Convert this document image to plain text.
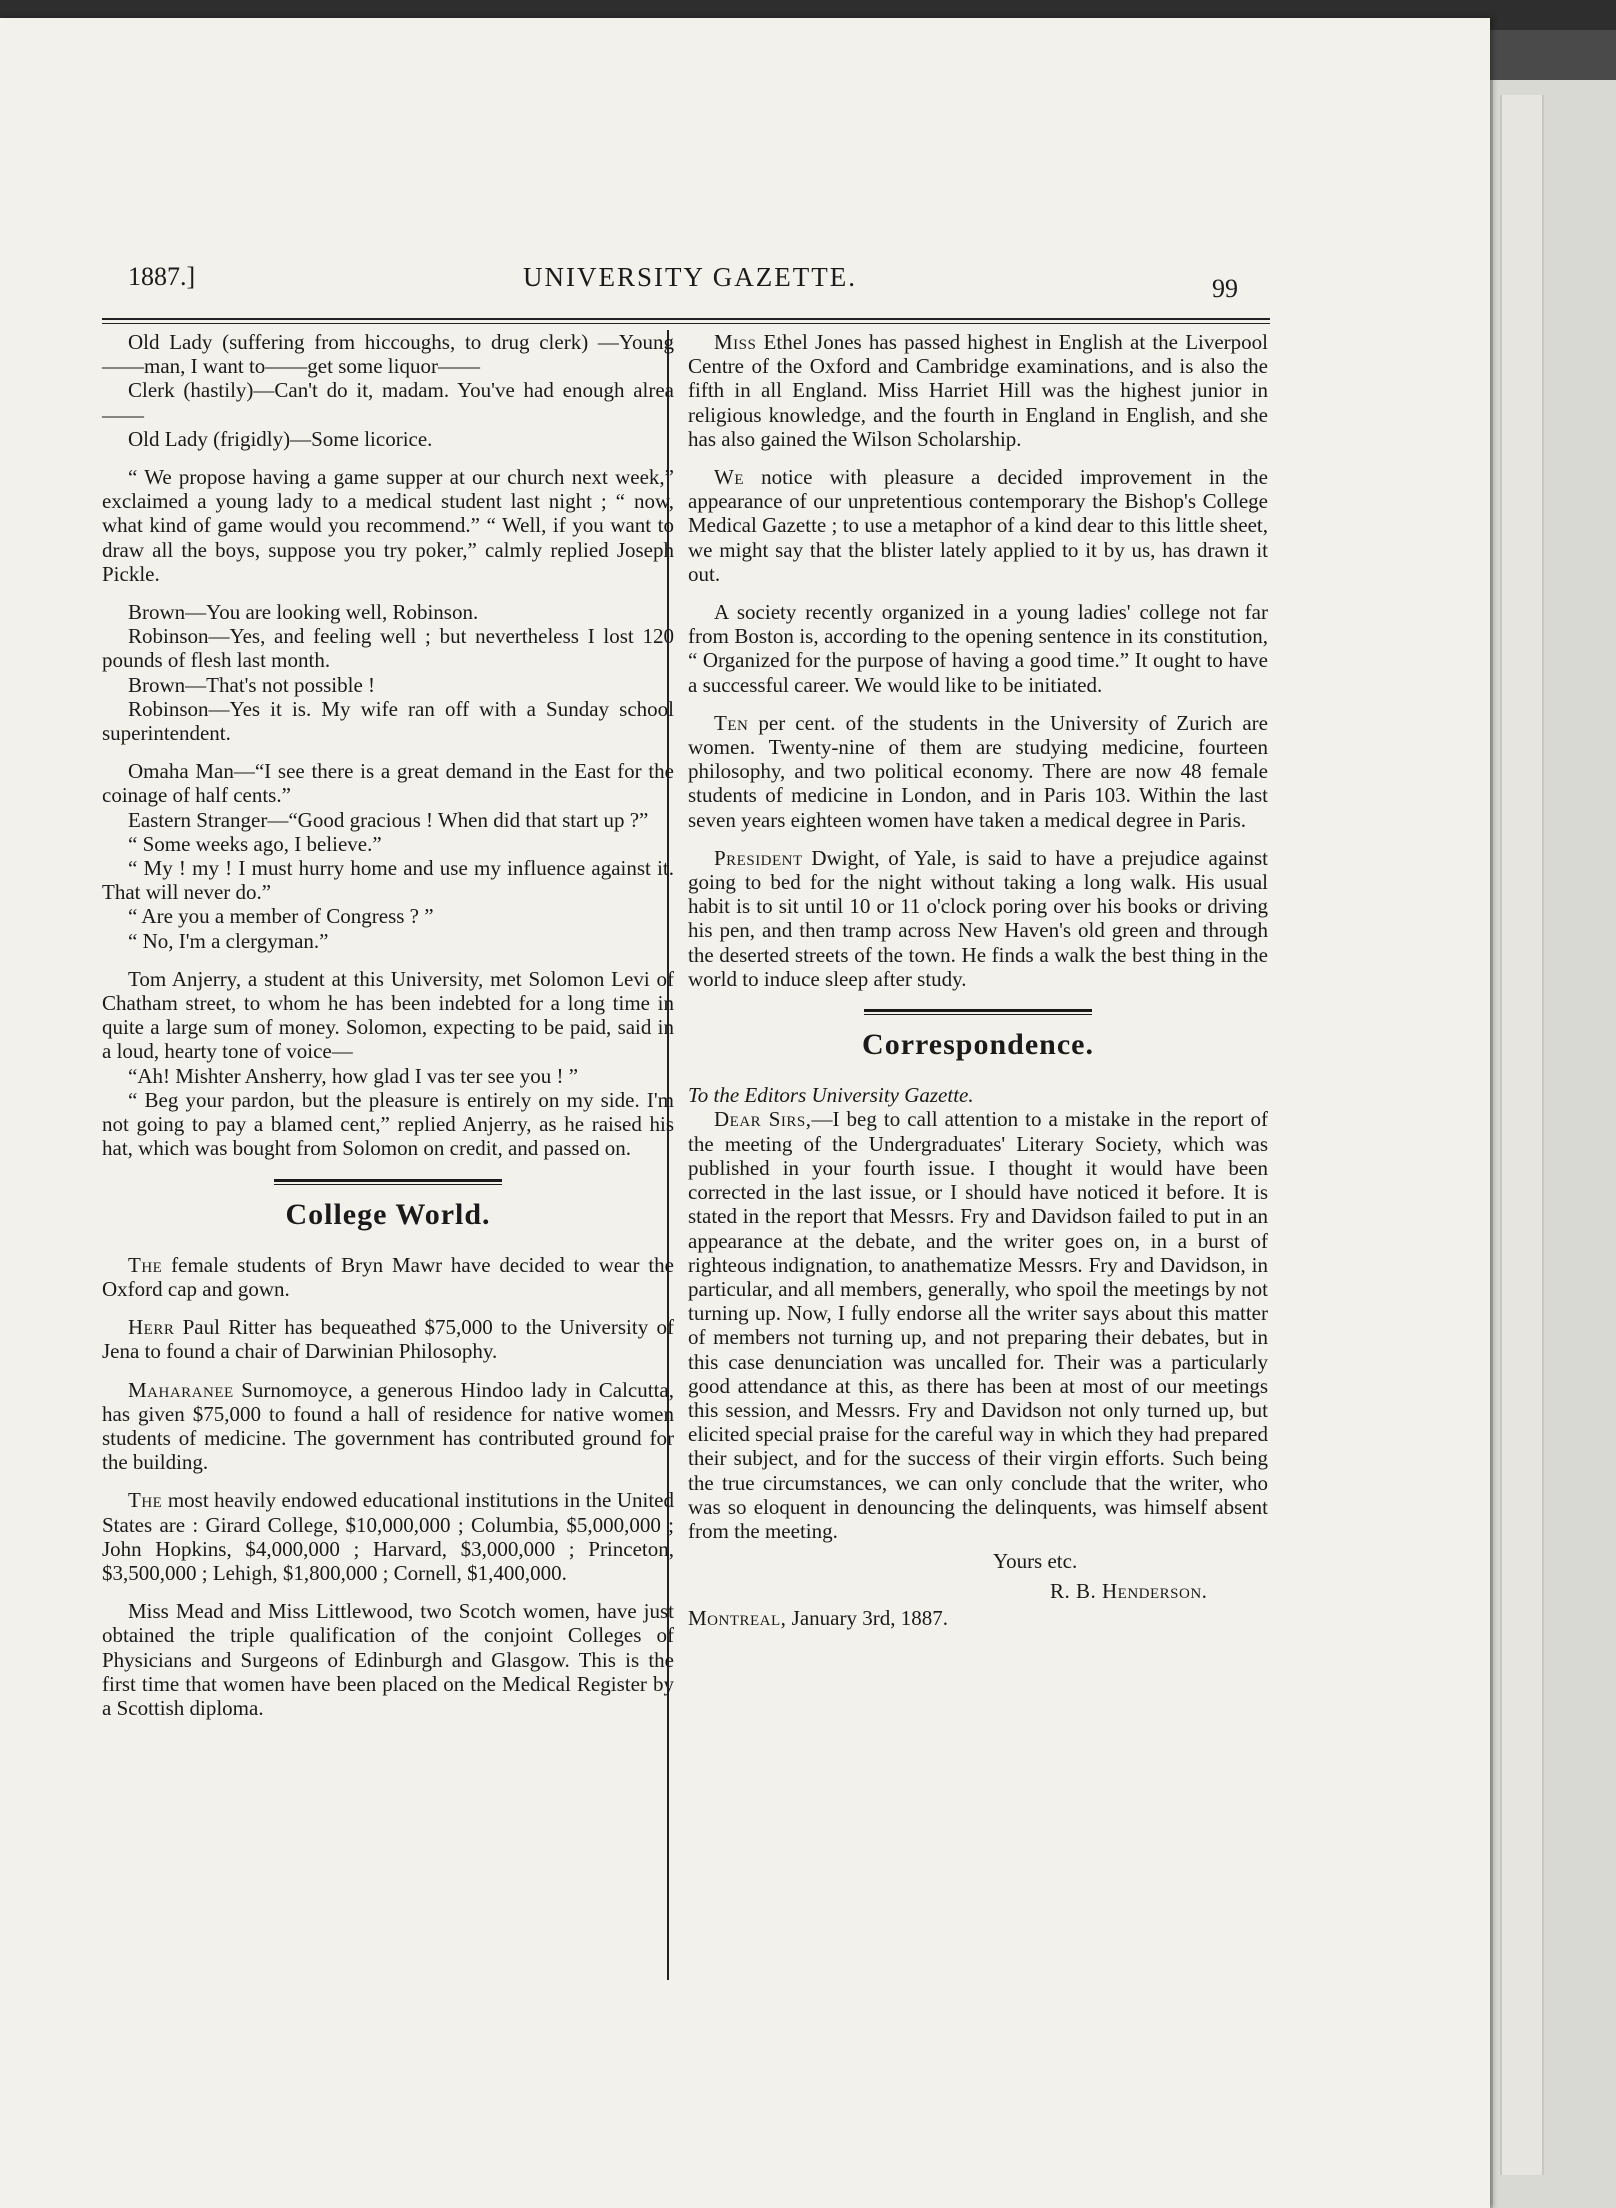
1887.]	UNIVERSITY GAZETTE.	99

Old Lady (suffering from hiccoughs, to drug clerk) —Young——man, I want to——get some liquor——

Clerk (hastily)—Can't do it, madam. You've had enough alrea——

Old Lady (frigidly)—Some licorice.

“ We propose having a game supper at our church next week,” exclaimed a young lady to a medical student last night ; “ now, what kind of game would you recommend.” “ Well, if you want to draw all the boys, suppose you try poker,” calmly replied Joseph Pickle.

Brown—You are looking well, Robinson.

Robinson—Yes, and feeling well ; but nevertheless I lost 120 pounds of flesh last month.

Brown—That's not possible !

Robinson—Yes it is. My wife ran off with a Sunday school superintendent.

Omaha Man—“I see there is a great demand in the East for the coinage of half cents.”

Eastern Stranger—“Good gracious ! When did that start up ?”

“ Some weeks ago, I believe.”

“ My ! my ! I must hurry home and use my influence against it. That will never do.”

“ Are you a member of Congress ? ”

“ No, I'm a clergyman.”

Tom Anjerry, a student at this University, met Solomon Levi of Chatham street, to whom he has been indebted for a long time in quite a large sum of money. Solomon, expecting to be paid, said in a loud, hearty tone of voice—

“Ah! Mishter Ansherry, how glad I vas ter see you ! ”

“ Beg your pardon, but the pleasure is entirely on my side. I'm not going to pay a blamed cent,” replied Anjerry, as he raised his hat, which was bought from Solomon on credit, and passed on.

College World.

The female students of Bryn Mawr have decided to wear the Oxford cap and gown.

Herr Paul Ritter has bequeathed $75,000 to the University of Jena to found a chair of Darwinian Philosophy.

Maharanee Surnomoyce, a generous Hindoo lady in Calcutta, has given $75,000 to found a hall of residence for native women students of medicine. The government has contributed ground for the building.

The most heavily endowed educational institutions in the United States are : Girard College, $10,000,000 ; Columbia, $5,000,000 ; John Hopkins, $4,000,000 ; Harvard, $3,000,000 ; Princeton, $3,500,000 ; Lehigh, $1,800,000 ; Cornell, $1,400,000.

Miss Mead and Miss Littlewood, two Scotch women, have just obtained the triple qualification of the conjoint Colleges of Physicians and Surgeons of Edinburgh and Glasgow. This is the first time that women have been placed on the Medical Register by a Scottish diploma.

Miss Ethel Jones has passed highest in English at the Liverpool Centre of the Oxford and Cambridge examinations, and is also the fifth in all England. Miss Harriet Hill was the highest junior in religious knowledge, and the fourth in England in English, and she has also gained the Wilson Scholarship.

We notice with pleasure a decided improvement in the appearance of our unpretentious contemporary the Bishop's College Medical Gazette ; to use a metaphor of a kind dear to this little sheet, we might say that the blister lately applied to it by us, has drawn it out.

A society recently organized in a young ladies' college not far from Boston is, according to the opening sentence in its constitution, “ Organized for the purpose of having a good time.” It ought to have a successful career. We would like to be initiated.

Ten per cent. of the students in the University of Zurich are women. Twenty-nine of them are studying medicine, fourteen philosophy, and two political economy. There are now 48 female students of medicine in London, and in Paris 103. Within the last seven years eighteen women have taken a medical degree in Paris.

President Dwight, of Yale, is said to have a prejudice against going to bed for the night without taking a long walk. His usual habit is to sit until 10 or 11 o'clock poring over his books or driving his pen, and then tramp across New Haven's old green and through the deserted streets of the town. He finds a walk the best thing in the world to induce sleep after study.

Correspondence.

To the Editors University Gazette.

Dear Sirs,—I beg to call attention to a mistake in the report of the meeting of the Undergraduates' Literary Society, which was published in your fourth issue. I thought it would have been corrected in the last issue, or I should have noticed it before. It is stated in the report that Messrs. Fry and Davidson failed to put in an appearance at the debate, and the writer goes on, in a burst of righteous indignation, to anathematize Messrs. Fry and Davidson, in particular, and all members, generally, who spoil the meetings by not turning up. Now, I fully endorse all the writer says about this matter of members not turning up, and not preparing their debates, but in this case denunciation was uncalled for. Their was a particularly good attendance at this, as there has been at most of our meetings this session, and Messrs. Fry and Davidson not only turned up, but elicited special praise for the careful way in which they had prepared their subject, and for the success of their virgin efforts. Such being the true circumstances, we can only conclude that the writer, who was so eloquent in denouncing the delinquents, was himself absent from the meeting.

Yours etc.

R. B. Henderson.

Montreal, January 3rd, 1887.
